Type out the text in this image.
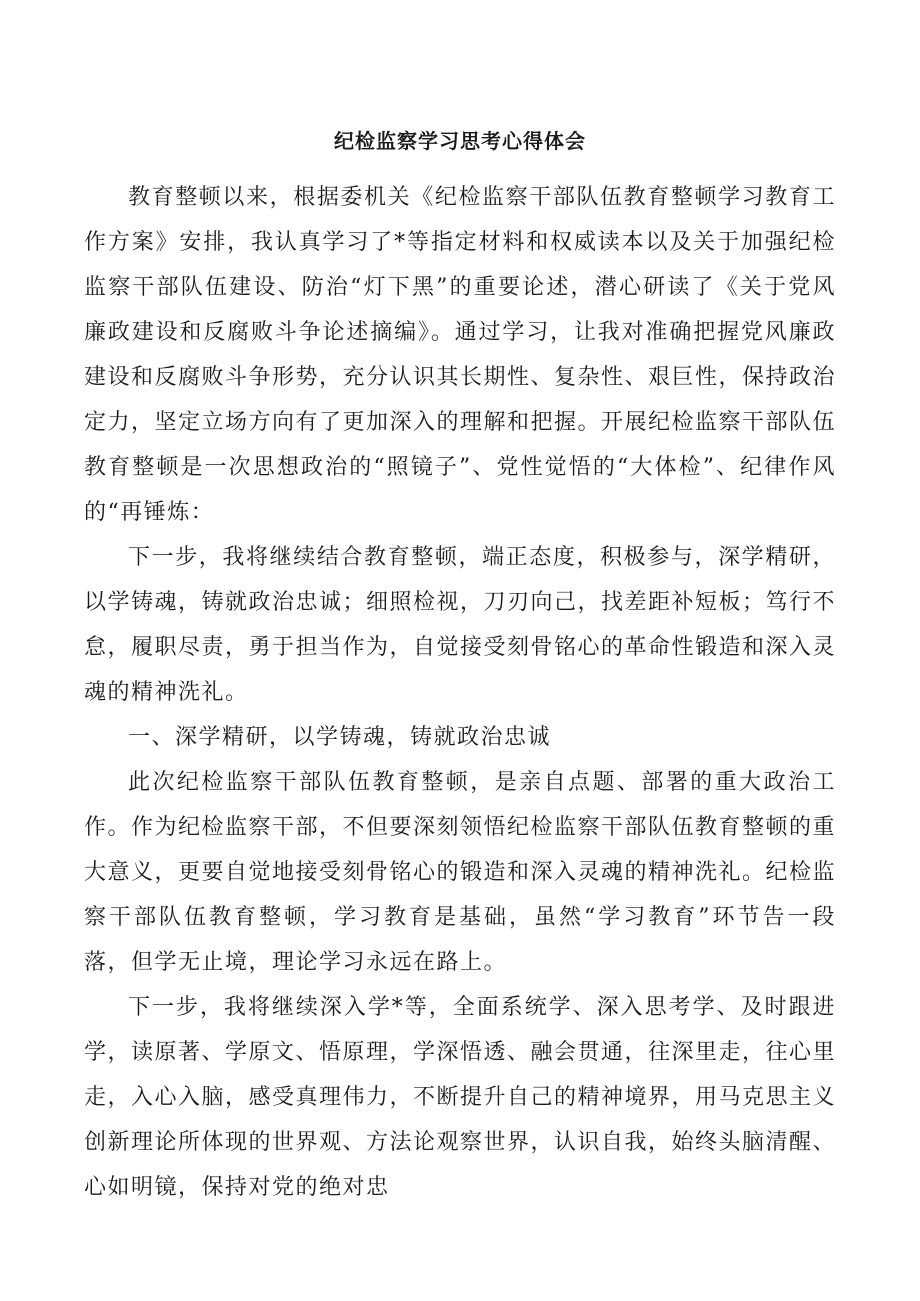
纪检监察学习思考心得体会

教育整顿以来，根据委机关《纪检监察干部队伍教育整顿学习教育工作方案》安排，我认真学习了*等指定材料和权威读本以及关于加强纪检监察干部队伍建设、防治“灯下黑”的重要论述，潜心研读了《关于党风廉政建设和反腐败斗争论述摘编》。通过学习，让我对准确把握党风廉政建设和反腐败斗争形势，充分认识其长期性、复杂性、艰巨性，保持政治定力，坚定立场方向有了更加深入的理解和把握。开展纪检监察干部队伍教育整顿是一次思想政治的“照镜子”、党性觉悟的“大体检”、纪律作风的“再锤炼：

下一步，我将继续结合教育整顿，端正态度，积极参与，深学精研，以学铸魂，铸就政治忠诚；细照检视，刀刃向己，找差距补短板；笃行不怠，履职尽责，勇于担当作为，自觉接受刻骨铭心的革命性锻造和深入灵魂的精神洗礼。

一、深学精研，以学铸魂，铸就政治忠诚

此次纪检监察干部队伍教育整顿，是亲自点题、部署的重大政治工作。作为纪检监察干部，不但要深刻领悟纪检监察干部队伍教育整顿的重大意义，更要自觉地接受刻骨铭心的锻造和深入灵魂的精神洗礼。纪检监察干部队伍教育整顿，学习教育是基础，虽然“学习教育”环节告一段落，但学无止境，理论学习永远在路上。

下一步，我将继续深入学*等，全面系统学、深入思考学、及时跟进学，读原著、学原文、悟原理，学深悟透、融会贯通，往深里走，往心里走，入心入脑，感受真理伟力，不断提升自己的精神境界，用马克思主义创新理论所体现的世界观、方法论观察世界，认识自我，始终头脑清醒、心如明镜，保持对党的绝对忠
